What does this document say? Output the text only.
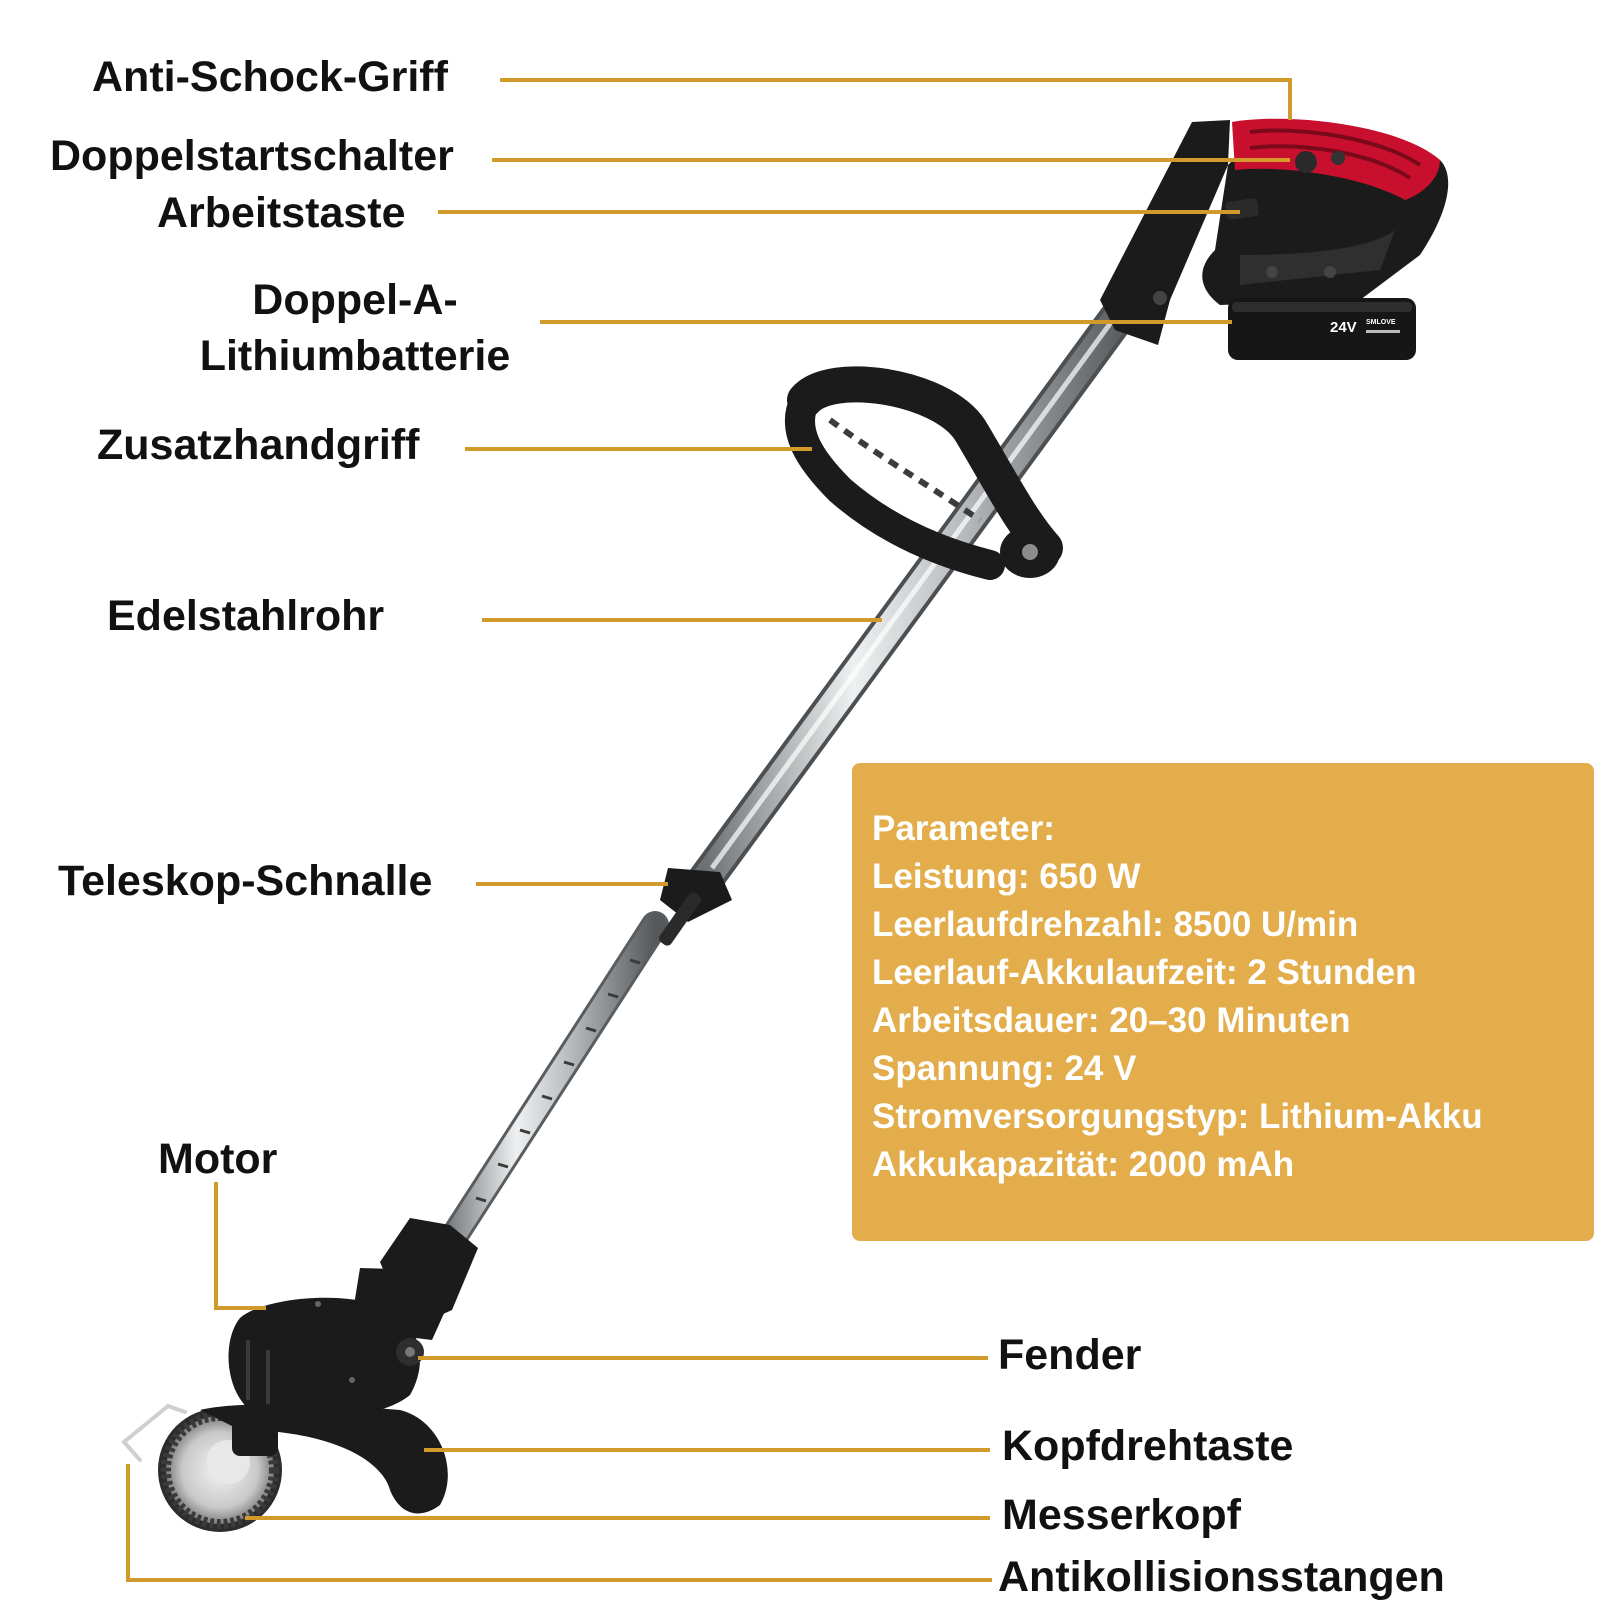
24V SMLOVE
Anti-Schock-Griff
Doppelstartschalter
Arbeitstaste
Doppel-A-
Lithiumbatterie
Zusatzhandgriff
Edelstahlrohr
Teleskop-Schnalle
Motor
Fender
Kopfdrehtaste
Messerkopf
Antikollisionsstangen
Parameter:
Leistung: 650 W
Leerlaufdrehzahl: 8500 U/min
Leerlauf-Akkulaufzeit: 2 Stunden
Arbeitsdauer: 20–30 Minuten
Spannung: 24 V
Stromversorgungstyp: Lithium-Akku
Akkukapazität: 2000 mAh
